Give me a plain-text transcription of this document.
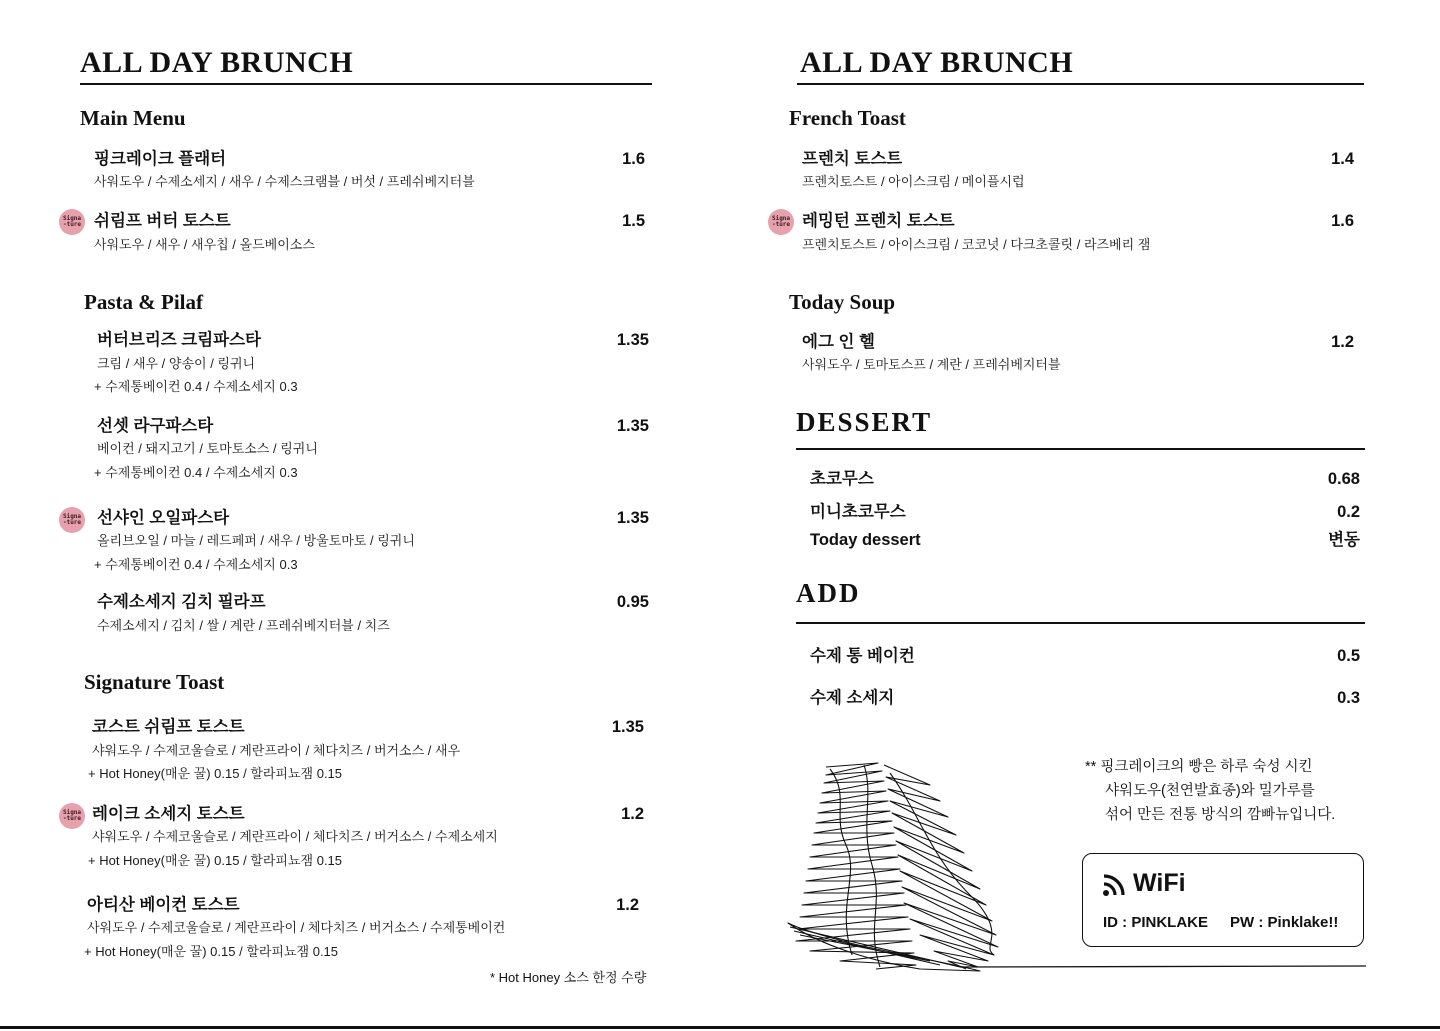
ALL DAY BRUNCH
Main Menu
핑크레이크 플래터	1.6
사워도우 / 수제소세지 / 새우 / 수제스크램블 / 버섯 / 프레쉬베지터블
Signa
-ture 쉬림프 버터 토스트	1.5
사워도우 / 새우 / 새우칩 / 올드베이소스
Pasta & Pilaf
버터브리즈 크림파스타	1.35
크림 / 새우 / 양송이 / 링귀니
+ 수제통베이컨 0.4 / 수제소세지 0.3
선셋 라구파스타	1.35
베이컨 / 돼지고기 / 토마토소스 / 링귀니
+ 수제통베이컨 0.4 / 수제소세지 0.3
Signa
-ture 선샤인 오일파스타	1.35
올리브오일 / 마늘 / 레드페퍼 / 새우 / 방울토마토 / 링귀니
+ 수제통베이컨 0.4 / 수제소세지 0.3
수제소세지 김치 필라프	0.95
수제소세지 / 김치 / 쌀 / 계란 / 프레쉬베지터블 / 치즈
Signature Toast
코스트 쉬림프 토스트	1.35
샤워도우 / 수제코울슬로 / 계란프라이 / 체다치즈 / 버거소스 / 새우
+ Hot Honey(매운 꿀) 0.15 / 할라피뇨잼 0.15
Signa
-ture 레이크 소세지 토스트	1.2
샤워도우 / 수제코울슬로 / 계란프라이 / 체다치즈 / 버거소스 / 수제소세지
+ Hot Honey(매운 꿀) 0.15 / 할라피뇨잼 0.15
아티산 베이컨 토스트	1.2
사워도우 / 수제코울슬로 / 계란프라이 / 체다치즈 / 버거소스 / 수제통베이컨
+ Hot Honey(매운 꿀) 0.15 / 할라피뇨잼 0.15
* Hot Honey 소스 한정 수량
ALL DAY BRUNCH
French Toast
프렌치 토스트	1.4
프렌치토스트 / 아이스크림 / 메이플시럽
Signa
-ture 레밍턴 프렌치 토스트	1.6
프렌치토스트 / 아이스크림 / 코코넛 / 다크초콜릿 / 라즈베리 잼
Today Soup
에그 인 헬	1.2
사워도우 / 토마토스프 / 계란 / 프레쉬베지터블
DESSERT
초코무스	0.68
미니초코무스	0.2
Today dessert	변동
ADD
수제 통 베이컨	0.5
수제 소세지	0.3
** 핑크레이크의 빵은 하루 숙성 시킨
샤워도우(천연발효종)와 밀가루를
섞어 만든 전통 방식의 깜빠뉴입니다.
WiFi
ID : PINKLAKE PW : Pinklake!!
